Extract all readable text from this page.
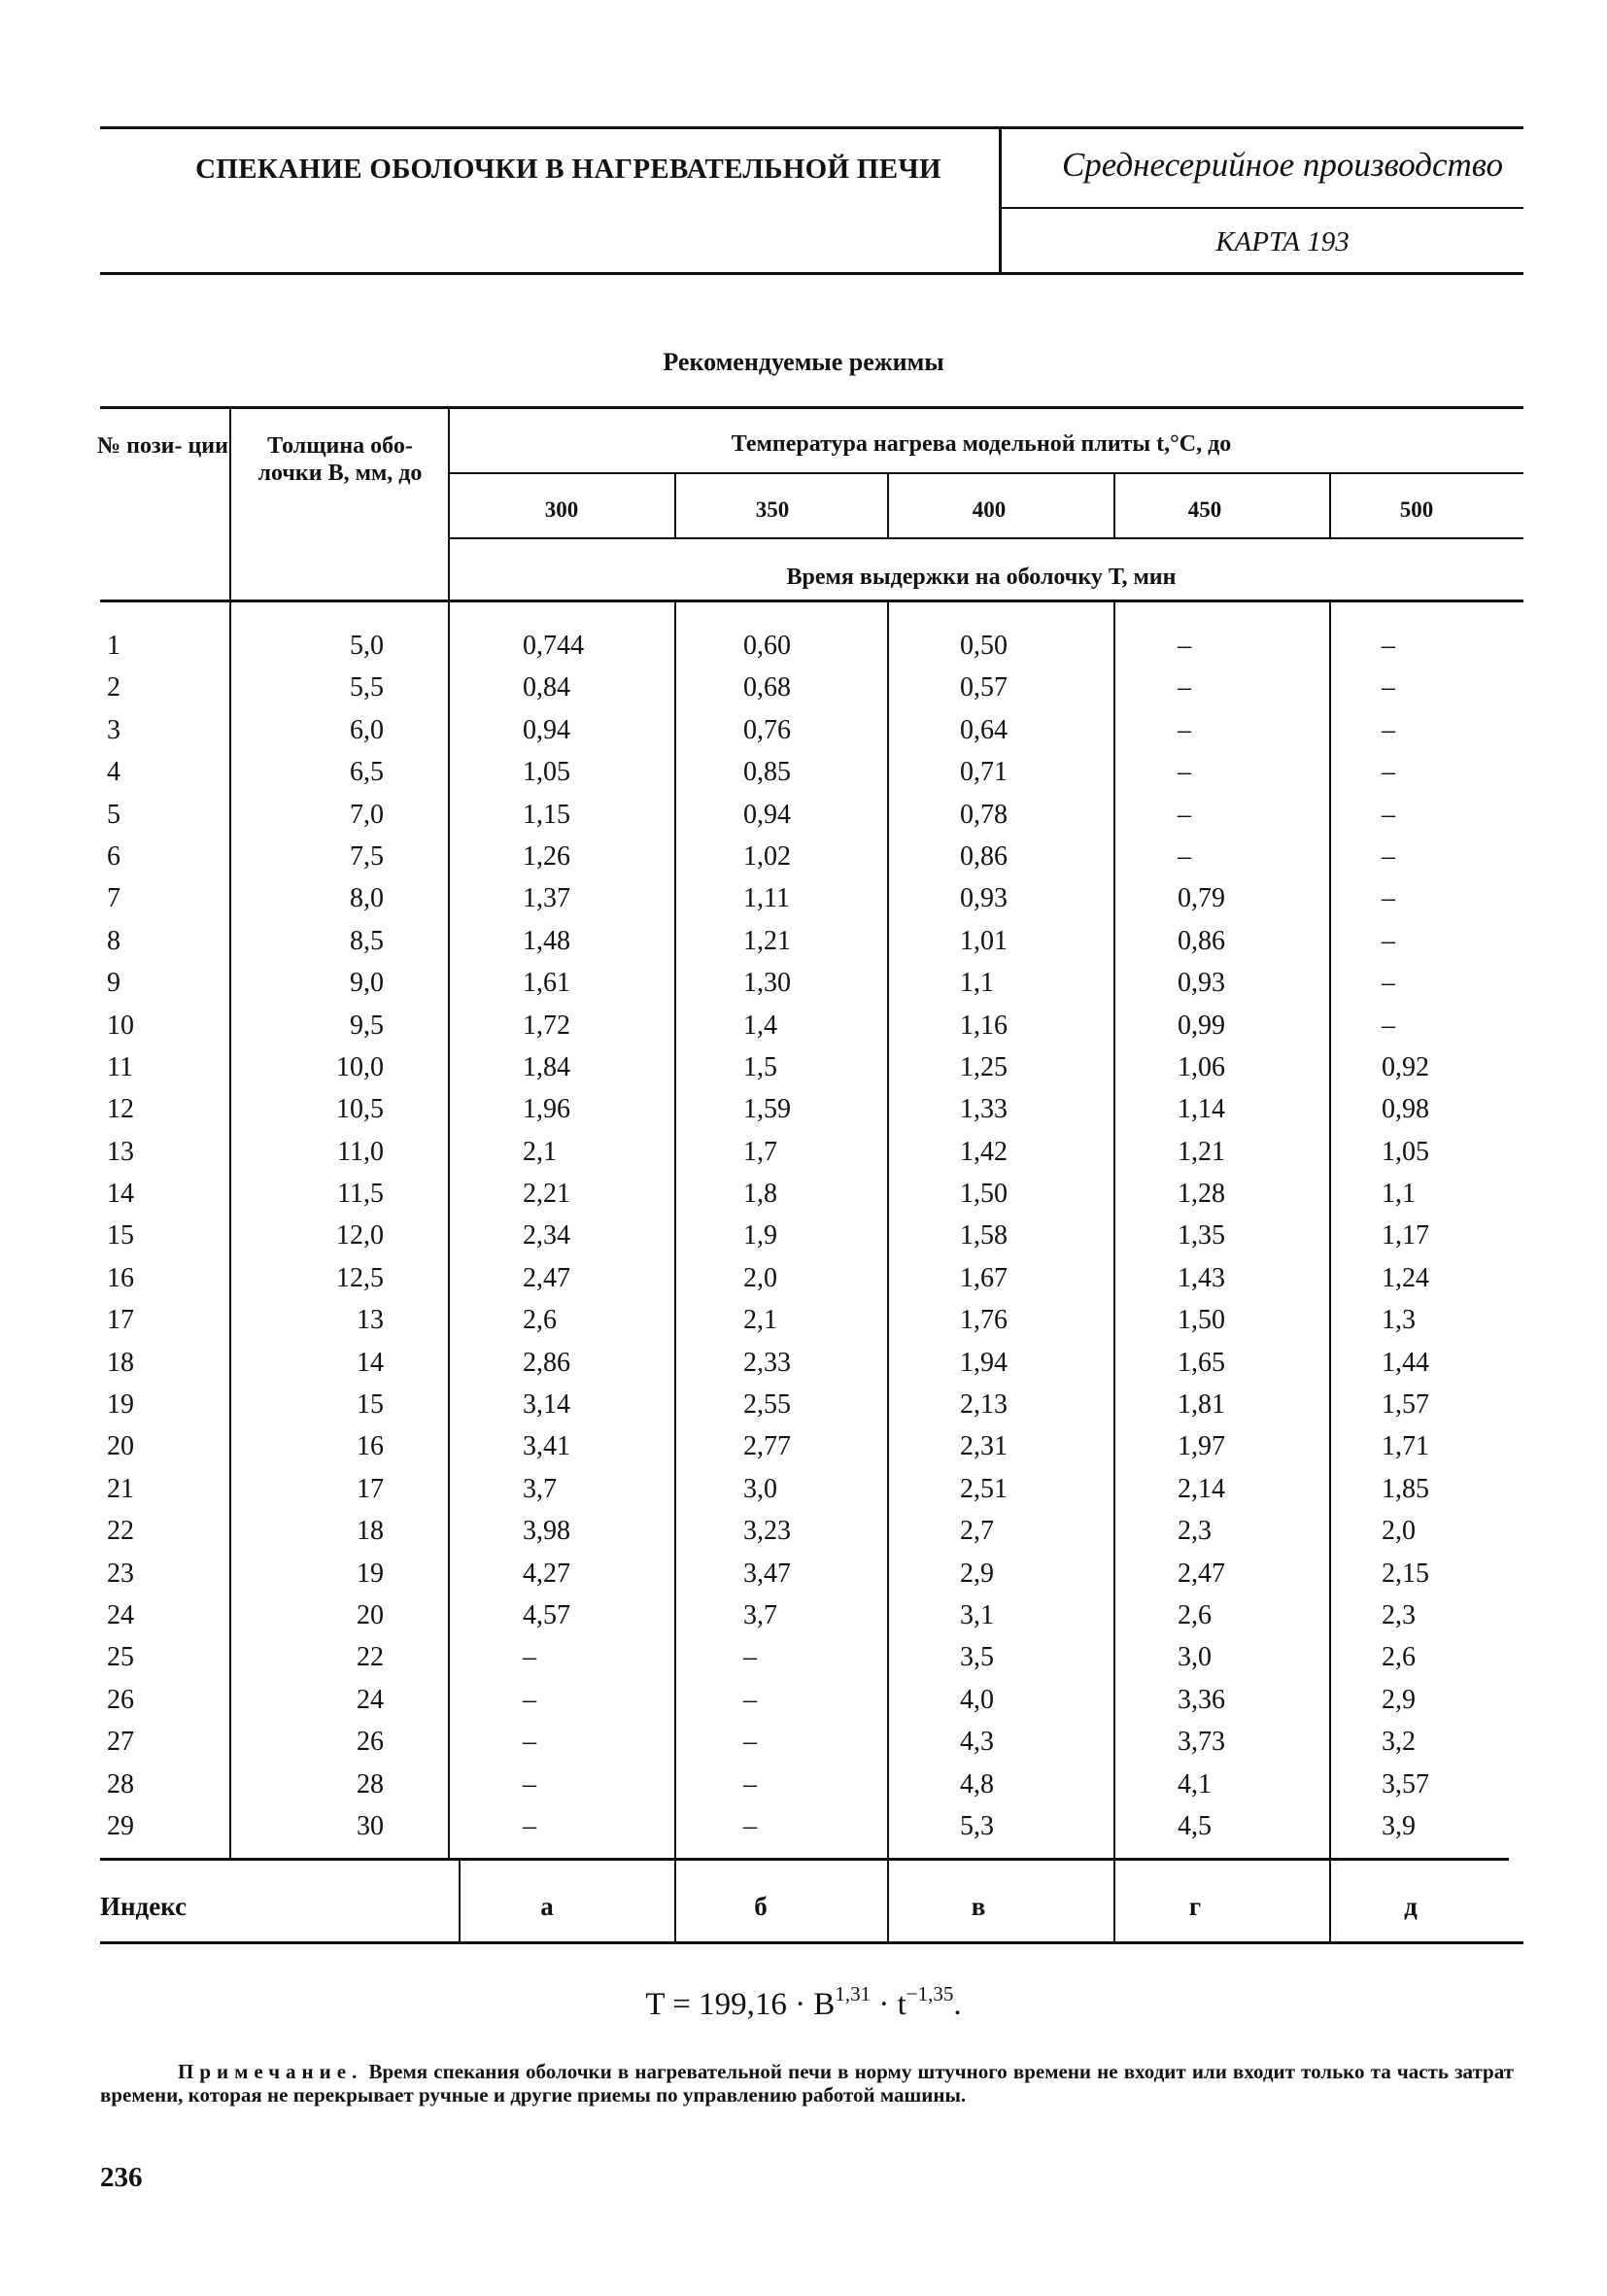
СПЕКАНИЕ ОБОЛОЧКИ В НАГРЕВАТЕЛЬНОЙ ПЕЧИ	Среднесерийное производство
КАРТА 193
Рекомендуемые режимы
№ пози- ции	Толщина обо- лочки В, мм, до
Температура нагрева модельной плиты t,°C, до
300	350	400	450	500
Время выдержки на оболочку Т, мин
1	5,0	0,744	0,60	0,50	–	–
2	5,5	0,84	0,68	0,57	–	–
3	6,0	0,94	0,76	0,64	–	–
4	6,5	1,05	0,85	0,71	–	–
5	7,0	1,15	0,94	0,78	–	–
6	7,5	1,26	1,02	0,86	–	–
7	8,0	1,37	1,11	0,93	0,79	–
8	8,5	1,48	1,21	1,01	0,86	–
9	9,0	1,61	1,30	1,1	0,93	–
10	9,5	1,72	1,4	1,16	0,99	–
11	10,0	1,84	1,5	1,25	1,06	0,92
12	10,5	1,96	1,59	1,33	1,14	0,98
13	11,0	2,1	1,7	1,42	1,21	1,05
14	11,5	2,21	1,8	1,50	1,28	1,1
15	12,0	2,34	1,9	1,58	1,35	1,17
16	12,5	2,47	2,0	1,67	1,43	1,24
17	13	2,6	2,1	1,76	1,50	1,3
18	14	2,86	2,33	1,94	1,65	1,44
19	15	3,14	2,55	2,13	1,81	1,57
20	16	3,41	2,77	2,31	1,97	1,71
21	17	3,7	3,0	2,51	2,14	1,85
22	18	3,98	3,23	2,7	2,3	2,0
23	19	4,27	3,47	2,9	2,47	2,15
24	20	4,57	3,7	3,1	2,6	2,3
25	22	–	–	3,5	3,0	2,6
26	24	–	–	4,0	3,36	2,9
27	26	–	–	4,3	3,73	3,2
28	28	–	–	4,8	4,1	3,57
29	30	–	–	5,3	4,5	3,9
Индекс	а	б	в	г	д
$T = 199,16 \cdot B^{1,31} \cdot t^{-1,35}$.
Примечание. Время спекания оболочки в нагревательной печи в норму штучного времени не входит или входит только та часть затрат времени, которая не перекрывает ручные и другие приемы по управлению работой машины.
236
